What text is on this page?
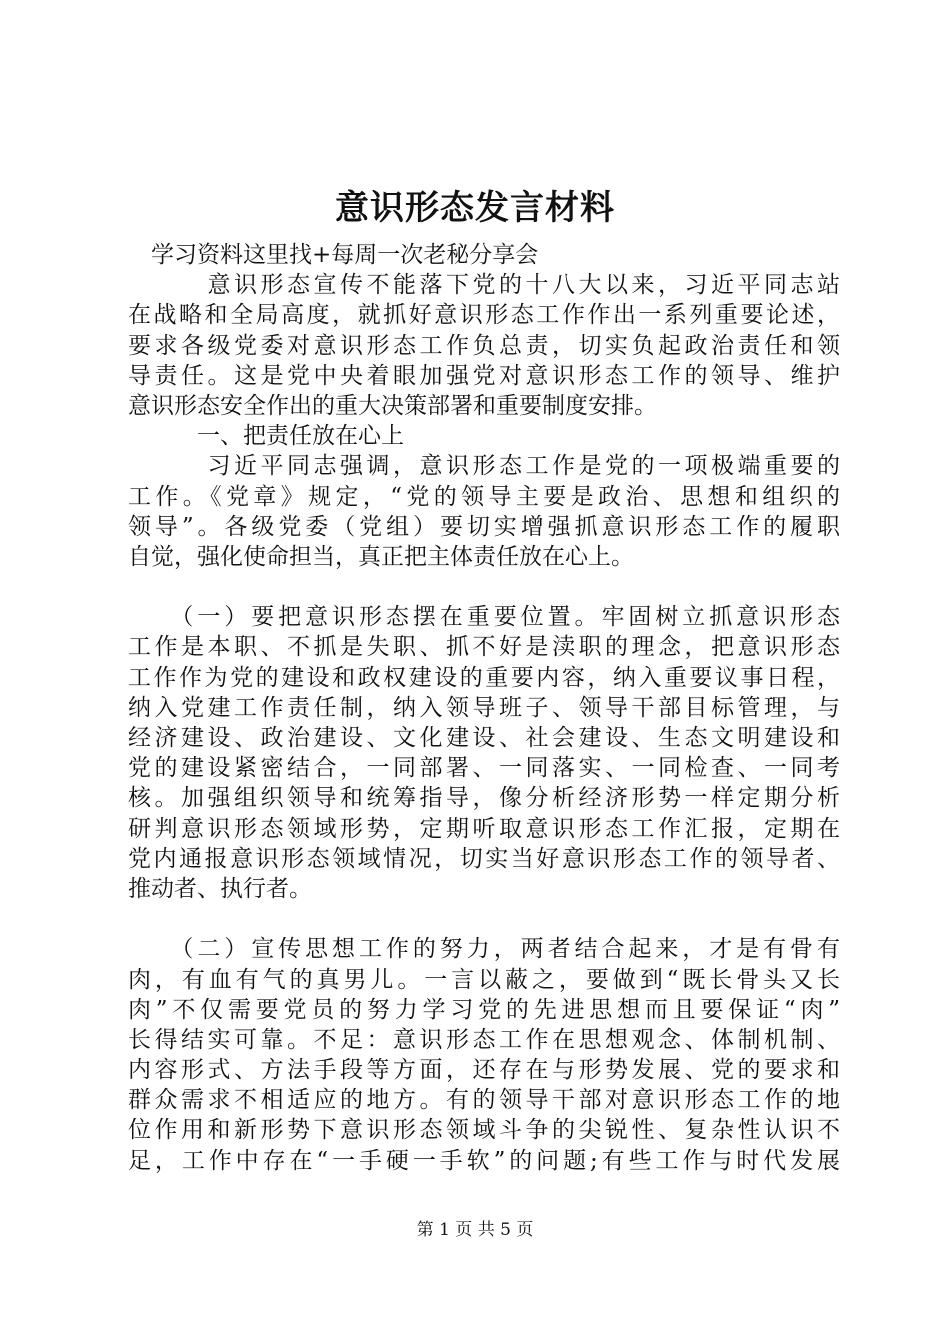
意识形态发言材料
　学习资料这里找+每周一次老秘分享会
　　　意识形态宣传不能落下党的十八大以来，习近平同志站
在战略和全局高度，就抓好意识形态工作作出一系列重要论述，
要求各级党委对意识形态工作负总责，切实负起政治责任和领
导责任。这是党中央着眼加强党对意识形态工作的领导、维护
意识形态安全作出的重大决策部署和重要制度安排。
　　　一、把责任放在心上
　　　习近平同志强调，意识形态工作是党的一项极端重要的
工作。《党章》规定，“党的领导主要是政治、思想和组织的
领导”。各级党委（党组）要切实增强抓意识形态工作的履职
自觉，强化使命担当，真正把主体责任放在心上。
　　（一）要把意识形态摆在重要位置。牢固树立抓意识形态
工作是本职、不抓是失职、抓不好是渎职的理念，把意识形态
工作作为党的建设和政权建设的重要内容，纳入重要议事日程，
纳入党建工作责任制，纳入领导班子、领导干部目标管理，与
经济建设、政治建设、文化建设、社会建设、生态文明建设和
党的建设紧密结合，一同部署、一同落实、一同检查、一同考
核。加强组织领导和统筹指导，像分析经济形势一样定期分析
研判意识形态领域形势，定期听取意识形态工作汇报，定期在
党内通报意识形态领域情况，切实当好意识形态工作的领导者、
推动者、执行者。
　　（二）宣传思想工作的努力，两者结合起来，才是有骨有
肉，有血有气的真男儿。一言以蔽之，要做到“既长骨头又长
肉”不仅需要党员的努力学习党的先进思想而且要保证“肉”
长得结实可靠。不足：意识形态工作在思想观念、体制机制、
内容形式、方法手段等方面，还存在与形势发展、党的要求和
群众需求不相适应的地方。有的领导干部对意识形态工作的地
位作用和新形势下意识形态领域斗争的尖锐性、复杂性认识不
足，工作中存在“一手硬一手软”的问题;有些工作与时代发展
第 1 页 共 5 页
